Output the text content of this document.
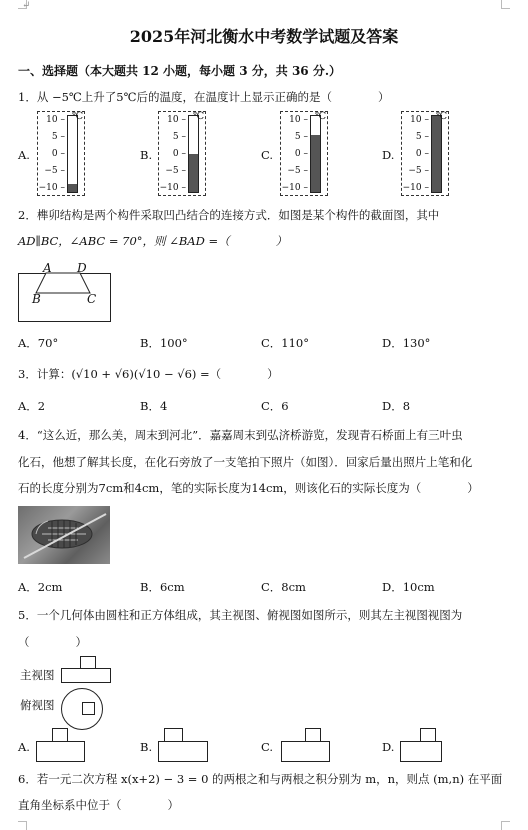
↵
2025年河北衡水中考数学试题及答案
一、选择题（本大题共 12 小题，每小题 3 分，共 36 分.）
1．从 −5℃上升了5℃后的温度，在温度计上显示正确的是（　　　　）
A.	B.	C.	D.
10 –
5 –
0 –
−5 –
−10 –
℃	10 –
5 –
0 –
−5 –
−10 –
℃	10 –
5 –
0 –
−5 –
−10 –
℃	10 –
5 –
0 –
−5 –
−10 –
℃
2．榫卯结构是两个构件采取凹凸结合的连接方式．如图是某个构件的截面图，其中
AD∥BC，∠ABC = 70°，则 ∠BAD =（　　　　）
A D
B	C
A．70°	B．100°	C．110°	D．130°
3．计算：(√10 + √6)(√10 − √6) =（　　　　）
A．2	B．4	C．6	D．8
4．“这么近，那么美，周末到河北”．嘉嘉周末到弘济桥游览，发现青石桥面上有三叶虫
化石，他想了解其长度，在化石旁放了一支笔拍下照片（如图）．回家后量出照片上笔和化
石的长度分别为7cm和4cm，笔的实际长度为14cm，则该化石的实际长度为（　　　　）
A．2cm	B．6cm	C．8cm	D．10cm
5．一个几何体由圆柱和正方体组成，其主视图、俯视图如图所示，则其左主视图视图为
（　　　　）
主视图
俯视图
A.	B.	C.	D.
6．若一元二次方程 x(x+2) − 3 = 0 的两根之和与两根之积分别为 m，n，则点 (m,n) 在平面
直角坐标系中位于（　　　　）
